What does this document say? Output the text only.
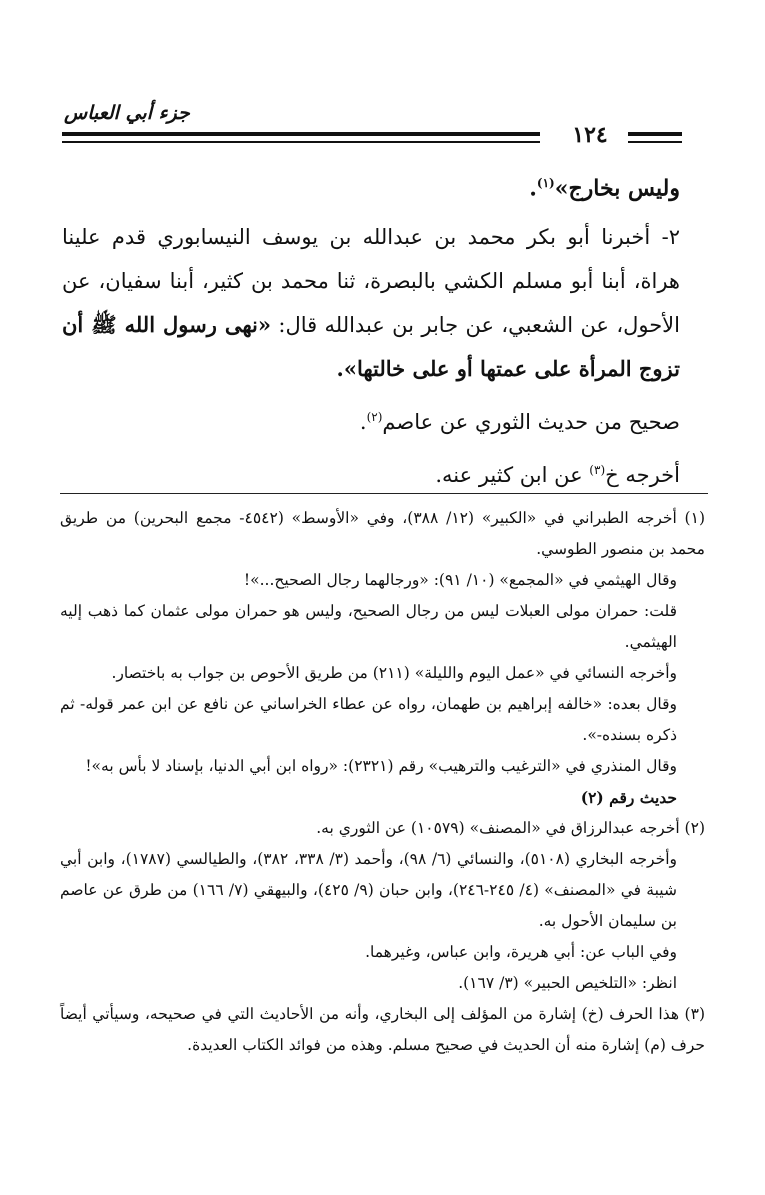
جزء أبي العباس
١٢٤

وليس بخارج»$^{(١)}$.

٢- أخبرنا أبو بكر محمد بن عبدالله بن يوسف النيسابوري قدم علينا هراة، أبنا أبو مسلم الكشي بالبصرة، ثنا محمد بن كثير، أبنا سفيان، عن الأحول، عن الشعبي، عن جابر بن عبدالله قال: «نهى رسول الله ﷺ أن تزوج المرأة على عمتها أو على خالتها».

صحيح من حديث الثوري عن عاصم$^{(٢)}$.

أخرجه خ$^{(٣)}$ عن ابن كثير عنه.

(١) أخرجه الطبراني في «الكبير» (١٢/ ٣٨٨)، وفي «الأوسط» (٤٥٤٢- مجمع البحرين) من طريق محمد بن منصور الطوسي.

وقال الهيثمي في «المجمع» (١٠/ ٩١): «ورجالهما رجال الصحيح...»!

قلت: حمران مولى العبلات ليس من رجال الصحيح، وليس هو حمران مولى عثمان كما ذهب إليه الهيثمي.

وأخرجه النسائي في «عمل اليوم والليلة» (٢١١) من طريق الأحوص بن جواب به باختصار.

وقال بعده: «خالفه إبراهيم بن طهمان، رواه عن عطاء الخراساني عن نافع عن ابن عمر قوله- ثم ذكره بسنده-».

وقال المنذري في «الترغيب والترهيب» رقم (٢٣٢١): «رواه ابن أبي الدنيا، بإسناد لا بأس به»!

حديث رقم (٢)

(٢) أخرجه عبدالرزاق في «المصنف» (١٠٥٧٩) عن الثوري به.

وأخرجه البخاري (٥١٠٨)، والنسائي (٦/ ٩٨)، وأحمد (٣/ ٣٣٨، ٣٨٢)، والطيالسي (١٧٨٧)، وابن أبي شيبة في «المصنف» (٤/ ٢٤٥-٢٤٦)، وابن حبان (٩/ ٤٢٥)، والبيهقي (٧/ ١٦٦) من طرق عن عاصم بن سليمان الأحول به.

وفي الباب عن: أبي هريرة، وابن عباس، وغيرهما.

انظر: «التلخيص الحبير» (٣/ ١٦٧).

(٣) هذا الحرف (خ) إشارة من المؤلف إلى البخاري، وأنه من الأحاديث التي في صحيحه، وسيأتي أيضاً حرف (م) إشارة منه أن الحديث في صحيح مسلم. وهذه من فوائد الكتاب العديدة.
